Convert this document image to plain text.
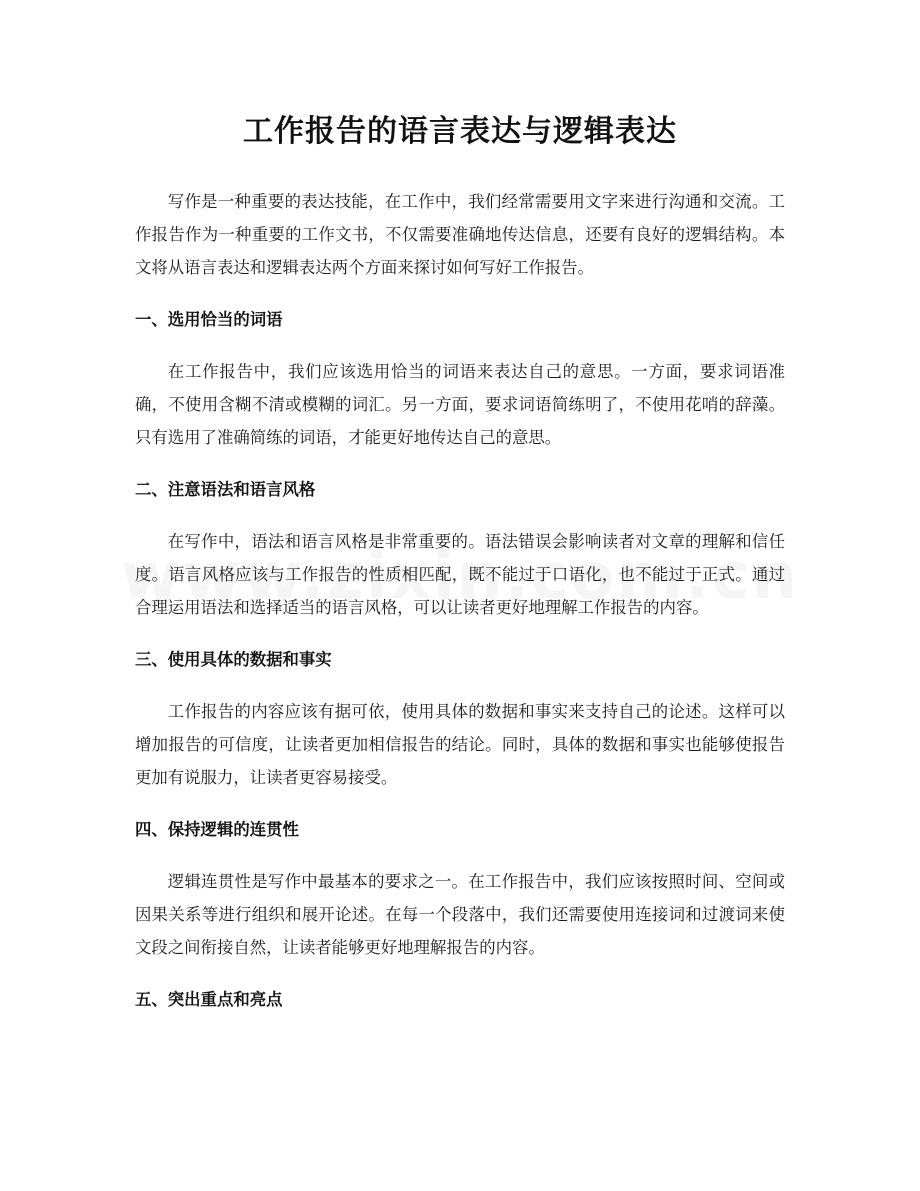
工作报告的语言表达与逻辑表达

写作是一种重要的表达技能，在工作中，我们经常需要用文字来进行沟通和交流。工作报告作为一种重要的工作文书，不仅需要准确地传达信息，还要有良好的逻辑结构。本文将从语言表达和逻辑表达两个方面来探讨如何写好工作报告。

一、选用恰当的词语

在工作报告中，我们应该选用恰当的词语来表达自己的意思。一方面，要求词语准确，不使用含糊不清或模糊的词汇。另一方面，要求词语简练明了，不使用花哨的辞藻。只有选用了准确简练的词语，才能更好地传达自己的意思。

二、注意语法和语言风格

在写作中，语法和语言风格是非常重要的。语法错误会影响读者对文章的理解和信任度。语言风格应该与工作报告的性质相匹配，既不能过于口语化，也不能过于正式。通过合理运用语法和选择适当的语言风格，可以让读者更好地理解工作报告的内容。

三、使用具体的数据和事实

工作报告的内容应该有据可依，使用具体的数据和事实来支持自己的论述。这样可以增加报告的可信度，让读者更加相信报告的结论。同时，具体的数据和事实也能够使报告更加有说服力，让读者更容易接受。

四、保持逻辑的连贯性

逻辑连贯性是写作中最基本的要求之一。在工作报告中，我们应该按照时间、空间或因果关系等进行组织和展开论述。在每一个段落中，我们还需要使用连接词和过渡词来使文段之间衔接自然，让读者能够更好地理解报告的内容。

五、突出重点和亮点
